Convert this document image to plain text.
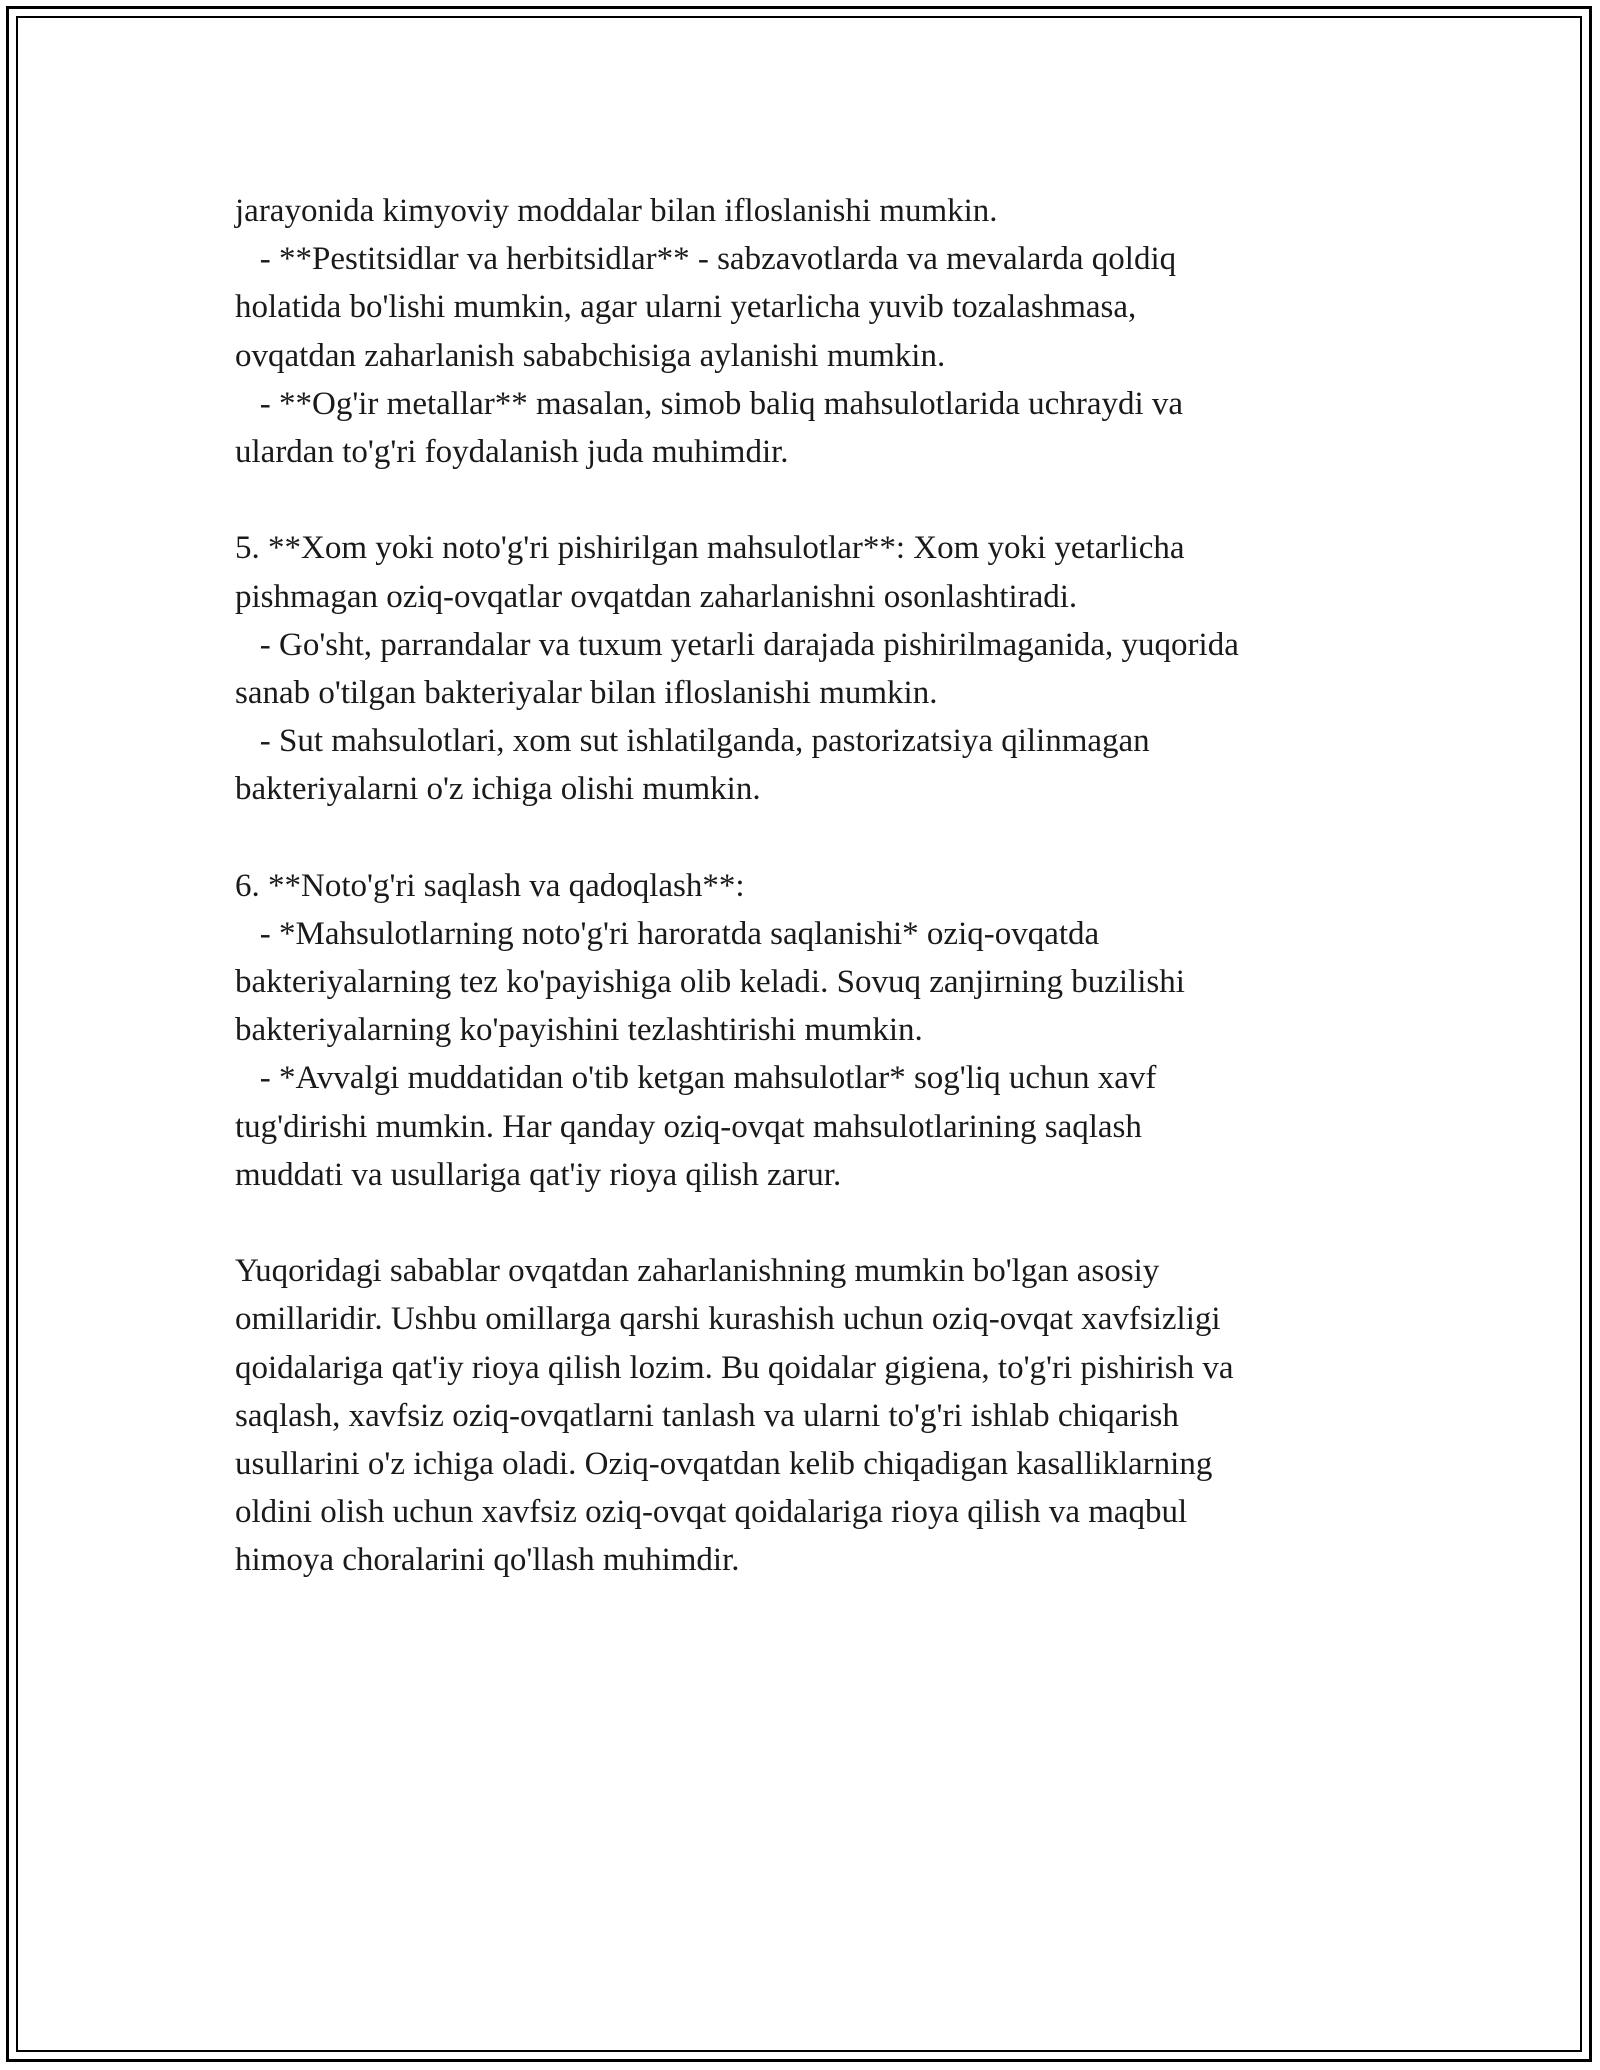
jarayonida kimyoviy moddalar bilan ifloslanishi mumkin.
- **Pestitsidlar va herbitsidlar** - sabzavotlarda va mevalarda qoldiq
holatida bo'lishi mumkin, agar ularni yetarlicha yuvib tozalashmasa,
ovqatdan zaharlanish sababchisiga aylanishi mumkin.
- **Og'ir metallar** masalan, simob baliq mahsulotlarida uchraydi va
ulardan to'g'ri foydalanish juda muhimdir.
5. **Xom yoki noto'g'ri pishirilgan mahsulotlar**: Xom yoki yetarlicha
pishmagan oziq-ovqatlar ovqatdan zaharlanishni osonlashtiradi.
- Go'sht, parrandalar va tuxum yetarli darajada pishirilmaganida, yuqorida
sanab o'tilgan bakteriyalar bilan ifloslanishi mumkin.
- Sut mahsulotlari, xom sut ishlatilganda, pastorizatsiya qilinmagan
bakteriyalarni o'z ichiga olishi mumkin.
6. **Noto'g'ri saqlash va qadoqlash**:
- *Mahsulotlarning noto'g'ri haroratda saqlanishi* oziq-ovqatda
bakteriyalarning tez ko'payishiga olib keladi. Sovuq zanjirning buzilishi
bakteriyalarning ko'payishini tezlashtirishi mumkin.
- *Avvalgi muddatidan o'tib ketgan mahsulotlar* sog'liq uchun xavf
tug'dirishi mumkin. Har qanday oziq-ovqat mahsulotlarining saqlash
muddati va usullariga qat'iy rioya qilish zarur.
Yuqoridagi sabablar ovqatdan zaharlanishning mumkin bo'lgan asosiy
omillaridir. Ushbu omillarga qarshi kurashish uchun oziq-ovqat xavfsizligi
qoidalariga qat'iy rioya qilish lozim. Bu qoidalar gigiena, to'g'ri pishirish va
saqlash, xavfsiz oziq-ovqatlarni tanlash va ularni to'g'ri ishlab chiqarish
usullarini o'z ichiga oladi. Oziq-ovqatdan kelib chiqadigan kasalliklarning
oldini olish uchun xavfsiz oziq-ovqat qoidalariga rioya qilish va maqbul
himoya choralarini qo'llash muhimdir.
